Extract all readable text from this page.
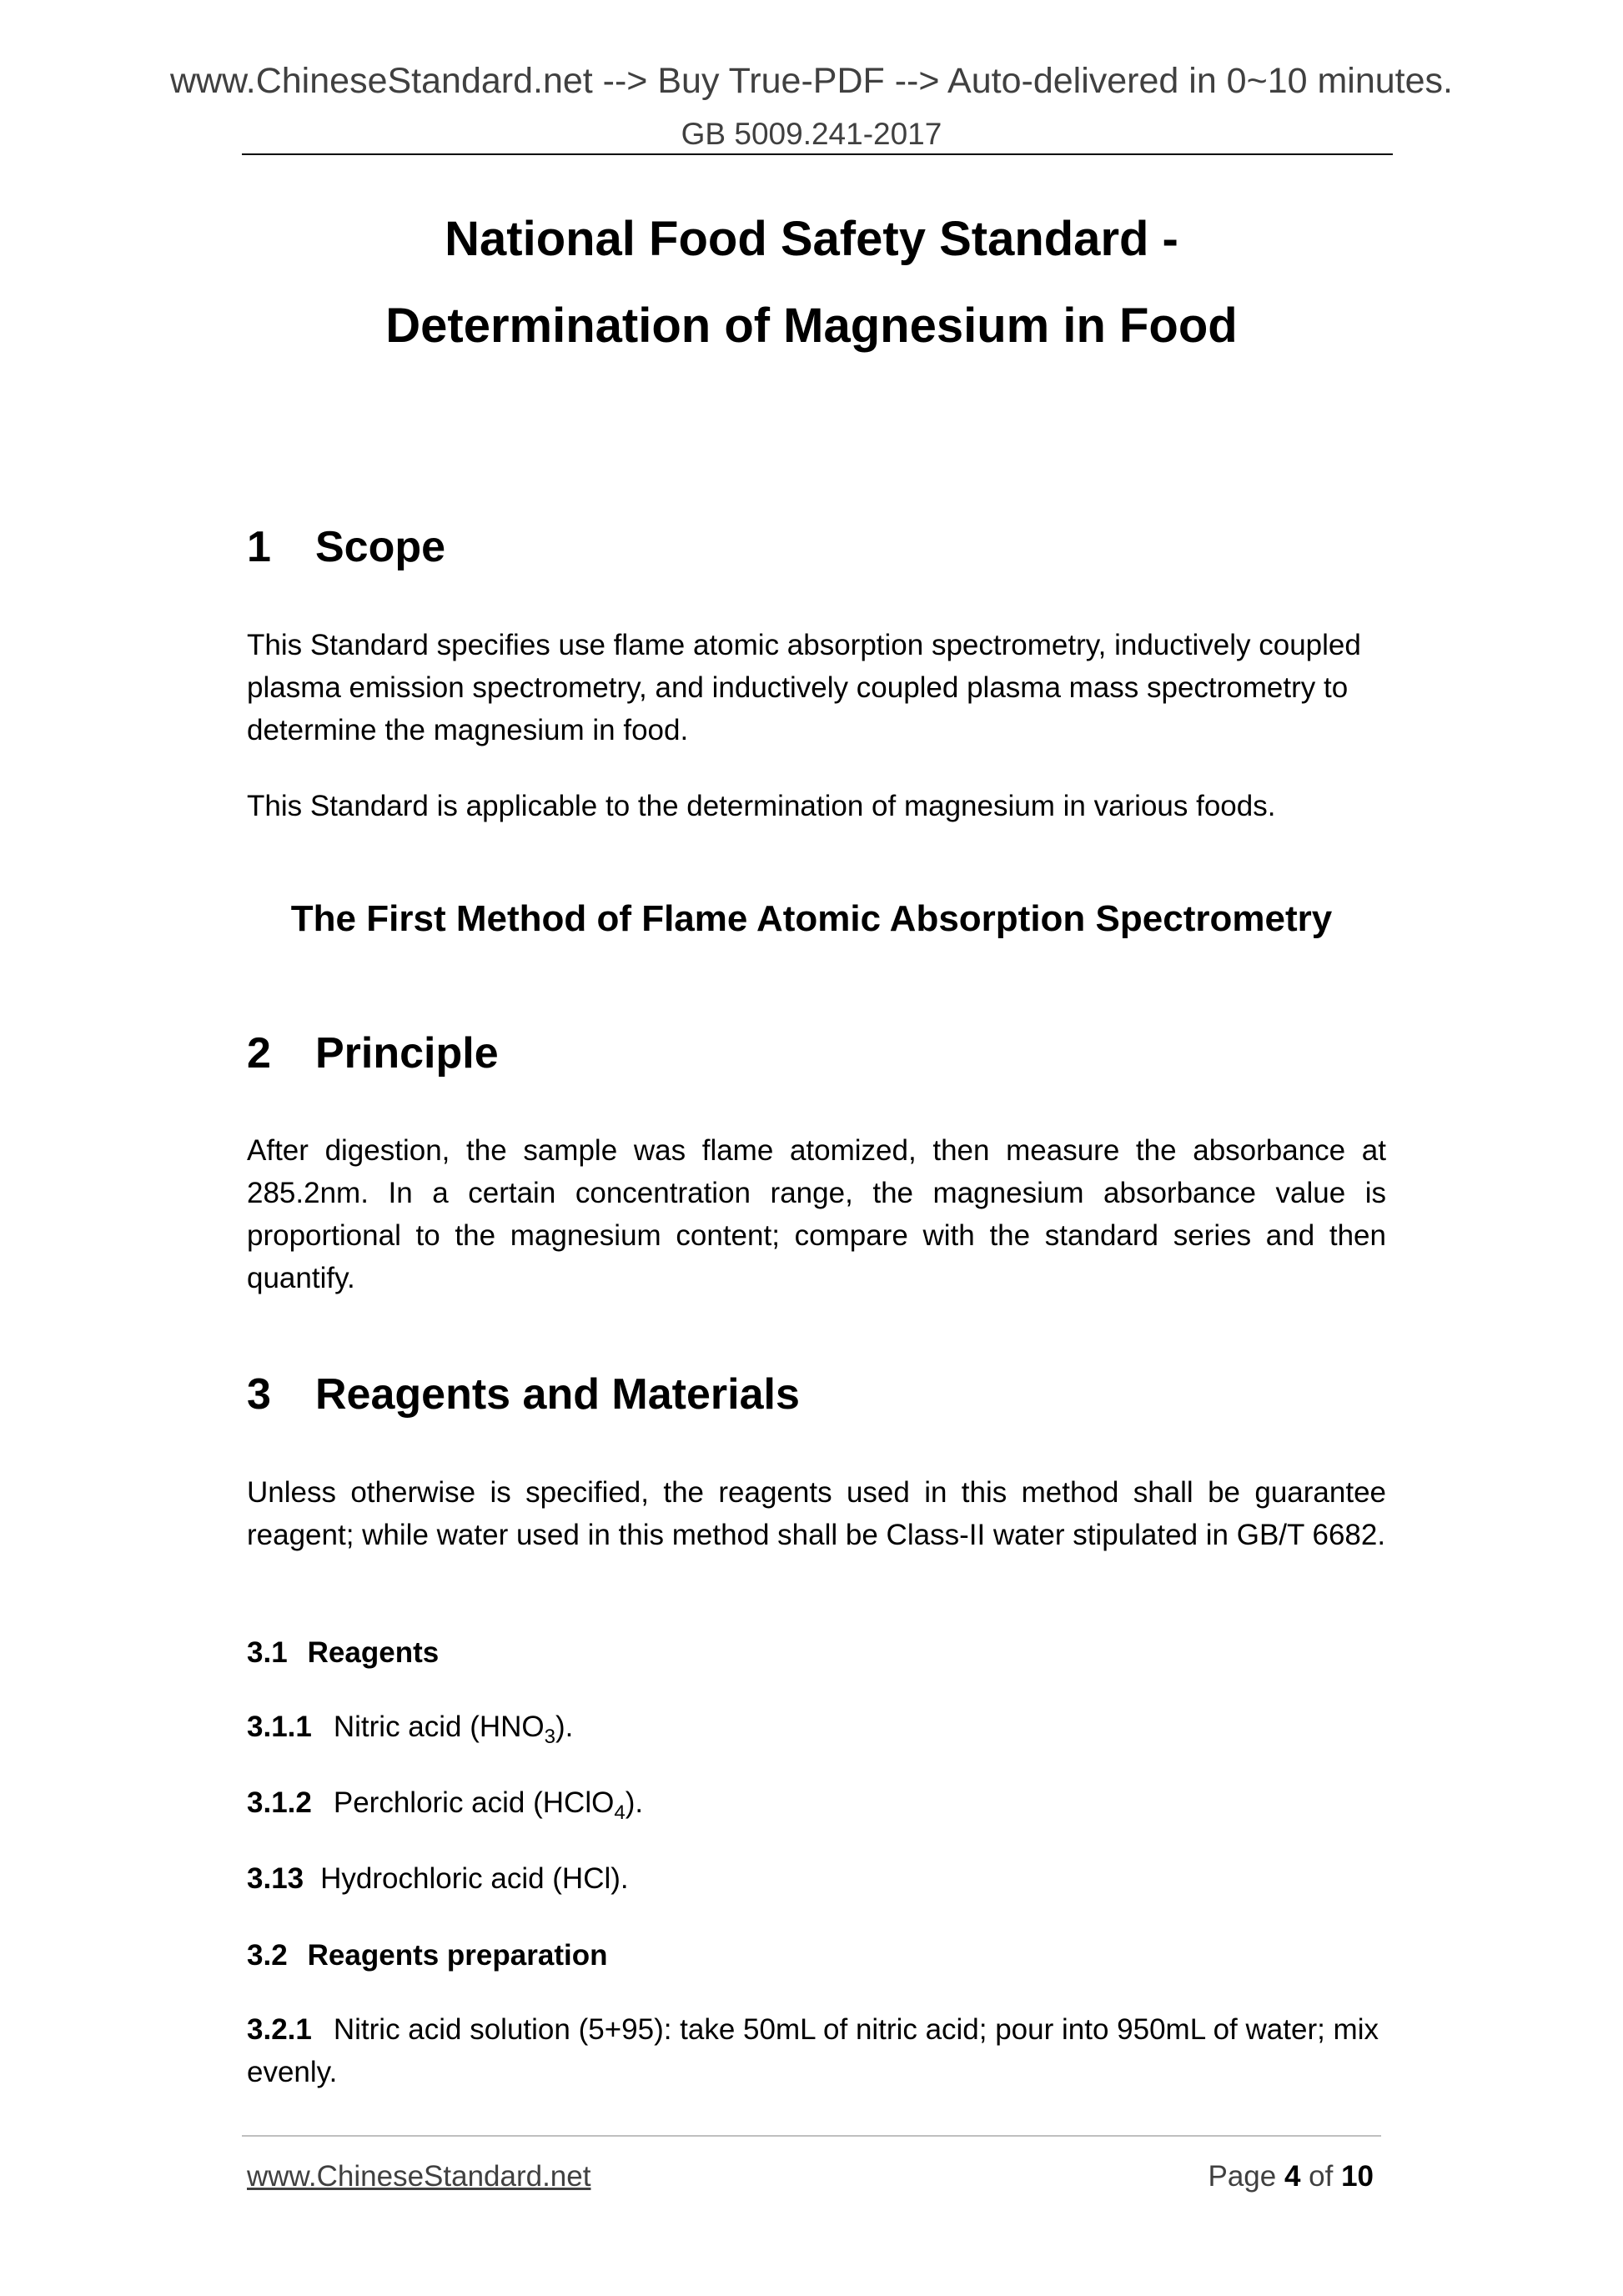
www.ChineseStandard.net --> Buy True-PDF --> Auto-delivered in 0~10 minutes.
GB 5009.241-2017
National Food Safety Standard -
Determination of Magnesium in Food
1 Scope
This Standard specifies use flame atomic absorption spectrometry, inductively coupled plasma emission spectrometry, and inductively coupled plasma mass spectrometry to determine the magnesium in food.
This Standard is applicable to the determination of magnesium in various foods.
The First Method of Flame Atomic Absorption Spectrometry
2 Principle
After digestion, the sample was flame atomized, then measure the absorbance at 285.2nm. In a certain concentration range, the magnesium absorbance value is proportional to the magnesium content; compare with the standard series and then quantify.
3 Reagents and Materials
Unless otherwise is specified, the reagents used in this method shall be guarantee reagent; while water used in this method shall be Class-II water stipulated in GB/T 6682.
3.1 Reagents
3.1.1 Nitric acid $(HNO_3)$.
3.1.2 Perchloric acid (HClO$_4$).
3.13 Hydrochloric acid (HCl).
3.2 Reagents preparation
3.2.1 Nitric acid solution (5+95): take 50mL of nitric acid; pour into 950mL of water; mix evenly.
www.ChineseStandard.net	Page 4 of 10
